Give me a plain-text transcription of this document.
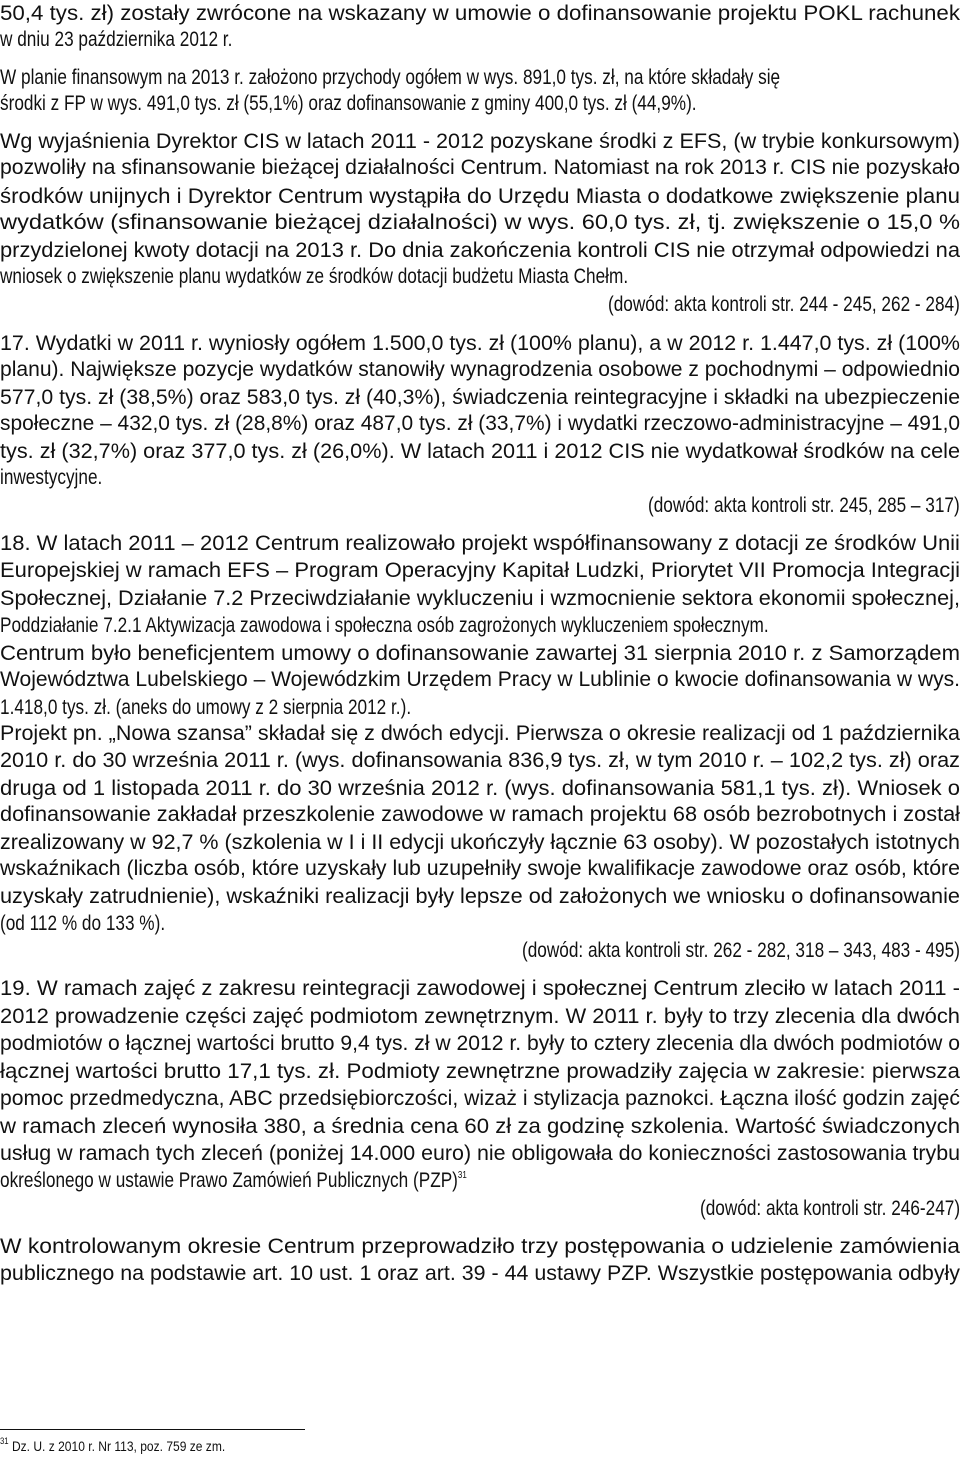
50,4 tys. zł) zostały zwrócone na wskazany w umowie o dofinansowanie projektu POKL rachunek
w dniu 23 października 2012 r.
W planie finansowym na 2013 r. założono przychody ogółem w wys. 891,0 tys. zł, na które składały się
środki z FP w wys. 491,0 tys. zł (55,1%) oraz dofinansowanie z gminy 400,0 tys. zł (44,9%).
Wg wyjaśnienia Dyrektor CIS w latach 2011 - 2012 pozyskane środki z EFS, (w trybie konkursowym)
pozwoliły na sfinansowanie bieżącej działalności Centrum. Natomiast na rok 2013 r. CIS nie pozyskało
środków unijnych i Dyrektor Centrum wystąpiła do Urzędu Miasta o dodatkowe zwiększenie planu
wydatków (sfinansowanie bieżącej działalności) w wys. 60,0 tys. zł, tj. zwiększenie o 15,0 %
przydzielonej kwoty dotacji na 2013 r. Do dnia zakończenia kontroli CIS nie otrzymał odpowiedzi na
wniosek o zwiększenie planu wydatków ze środków dotacji budżetu Miasta Chełm.
(dowód: akta kontroli str. 244 - 245, 262 - 284)
17. Wydatki w 2011 r. wyniosły ogółem 1.500,0 tys. zł (100% planu), a w 2012 r. 1.447,0 tys. zł (100%
planu). Największe pozycje wydatków stanowiły wynagrodzenia osobowe z pochodnymi – odpowiednio
577,0 tys. zł (38,5%) oraz 583,0 tys. zł (40,3%), świadczenia reintegracyjne i składki na ubezpieczenie
społeczne – 432,0 tys. zł (28,8%) oraz 487,0 tys. zł (33,7%) i wydatki rzeczowo-administracyjne – 491,0
tys. zł (32,7%) oraz 377,0 tys. zł (26,0%). W latach 2011 i 2012 CIS nie wydatkował środków na cele
inwestycyjne.
(dowód: akta kontroli str. 245, 285 – 317)
18. W latach 2011 – 2012 Centrum realizowało projekt współfinansowany z dotacji ze środków Unii
Europejskiej w ramach EFS – Program Operacyjny Kapitał Ludzki, Priorytet VII Promocja Integracji
Społecznej, Działanie 7.2 Przeciwdziałanie wykluczeniu i wzmocnienie sektora ekonomii społecznej,
Poddziałanie 7.2.1 Aktywizacja zawodowa i społeczna osób zagrożonych wykluczeniem społecznym.
Centrum było beneficjentem umowy o dofinansowanie zawartej 31 sierpnia 2010 r. z Samorządem
Województwa Lubelskiego – Wojewódzkim Urzędem Pracy w Lublinie o kwocie dofinansowania w wys.
1.418,0 tys. zł. (aneks do umowy z 2 sierpnia 2012 r.).
Projekt pn. „Nowa szansa” składał się z dwóch edycji. Pierwsza o okresie realizacji od 1 października
2010 r. do 30 września 2011 r. (wys. dofinansowania 836,9 tys. zł, w tym 2010 r. – 102,2 tys. zł) oraz
druga od 1 listopada 2011 r. do 30 września 2012 r. (wys. dofinansowania 581,1 tys. zł). Wniosek o
dofinansowanie zakładał przeszkolenie zawodowe w ramach projektu 68 osób bezrobotnych i został
zrealizowany w 92,7 % (szkolenia w I i II edycji ukończyły łącznie 63 osoby). W pozostałych istotnych
wskaźnikach (liczba osób, które uzyskały lub uzupełniły swoje kwalifikacje zawodowe oraz osób, które
uzyskały zatrudnienie), wskaźniki realizacji były lepsze od założonych we wniosku o dofinansowanie
(od 112 % do 133 %).
(dowód: akta kontroli str. 262 - 282, 318 – 343, 483 - 495)
19. W ramach zajęć z zakresu reintegracji zawodowej i społecznej Centrum zleciło w latach 2011 -
2012 prowadzenie części zajęć podmiotom zewnętrznym. W 2011 r. były to trzy zlecenia dla dwóch
podmiotów o łącznej wartości brutto 9,4 tys. zł w 2012 r. były to cztery zlecenia dla dwóch podmiotów o
łącznej wartości brutto 17,1 tys. zł. Podmioty zewnętrzne prowadziły zajęcia w zakresie: pierwsza
pomoc przedmedyczna, ABC przedsiębiorczości, wizaż i stylizacja paznokci. Łączna ilość godzin zajęć
w ramach zleceń wynosiła 380, a średnia cena 60 zł za godzinę szkolenia. Wartość świadczonych
usług w ramach tych zleceń (poniżej 14.000 euro) nie obligowała do konieczności zastosowania trybu
określonego w ustawie Prawo Zamówień Publicznych (PZP)$^{31}$
(dowód: akta kontroli str. 246-247)
W kontrolowanym okresie Centrum przeprowadziło trzy postępowania o udzielenie zamówienia
publicznego na podstawie art. 10 ust. 1 oraz art. 39 - 44 ustawy PZP. Wszystkie postępowania odbyły
$^{31}$ Dz. U. z 2010 r. Nr 113, poz. 759 ze zm.
